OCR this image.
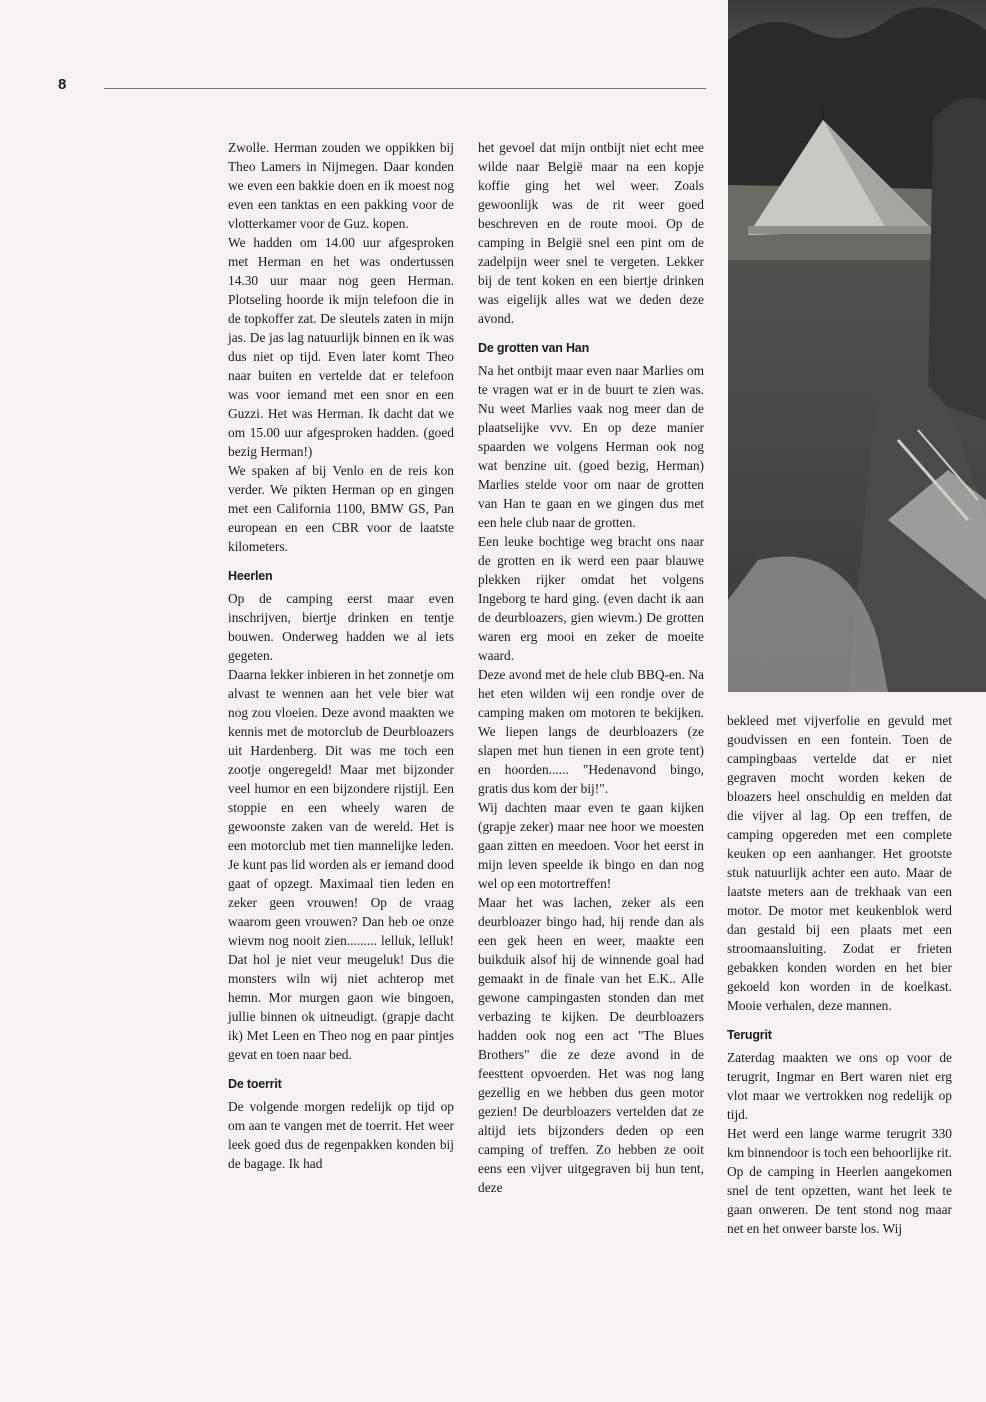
8

Zwolle. Herman zouden we oppikken bij Theo Lamers in Nijmegen. Daar konden we even een bakkie doen en ik moest nog even een tanktas en een pakking voor de vlotterkamer voor de Guz. kopen.

We hadden om 14.00 uur afgesproken met Herman en het was ondertussen 14.30 uur maar nog geen Herman. Plotseling hoorde ik mijn telefoon die in de topkoffer zat. De sleutels zaten in mijn jas. De jas lag natuurlijk binnen en ik was dus niet op tijd. Even later komt Theo naar buiten en vertelde dat er telefoon was voor iemand met een snor en een Guzzi. Het was Herman. Ik dacht dat we om 15.00 uur afgesproken hadden. (goed bezig Herman!)

We spaken af bij Venlo en de reis kon verder. We pikten Herman op en gingen met een California 1100, BMW GS, Pan european en een CBR voor de laatste kilometers.

Heerlen

Op de camping eerst maar even inschrijven, biertje drinken en tentje bouwen. Onderweg hadden we al iets gegeten.

Daarna lekker inbieren in het zonnetje om alvast te wennen aan het vele bier wat nog zou vloeien. Deze avond maakten we kennis met de motorclub de Deurbloazers uit Hardenberg. Dit was me toch een zootje ongeregeld! Maar met bijzonder veel humor en een bijzondere rijstijl. Een stoppie en een wheely waren de gewoonste zaken van de wereld. Het is een motorclub met tien mannelijke leden. Je kunt pas lid worden als er iemand dood gaat of opzegt. Maximaal tien leden en zeker geen vrouwen! Op de vraag waarom geen vrouwen? Dan heb oe onze wievm nog nooit zien......... lelluk, lelluk! Dat hol je niet veur meugeluk! Dus die monsters wiln wij niet achterop met hemn. Mor murgen gaon wie bingoen, jullie binnen ok uitneudigt. (grapje dacht ik) Met Leen en Theo nog en paar pintjes gevat en toen naar bed.

De toerrit

De volgende morgen redelijk op tijd op om aan te vangen met de toerrit. Het weer leek goed dus de regenpakken konden bij de bagage. Ik had

het gevoel dat mijn ontbijt niet echt mee wilde naar België maar na een kopje koffie ging het wel weer. Zoals gewoonlijk was de rit weer goed beschreven en de route mooi. Op de camping in België snel een pint om de zadelpijn weer snel te vergeten. Lekker bij de tent koken en een biertje drinken was eigelijk alles wat we deden deze avond.

De grotten van Han

Na het ontbijt maar even naar Marlies om te vragen wat er in de buurt te zien was. Nu weet Marlies vaak nog meer dan de plaatselijke vvv. En op deze manier spaarden we volgens Herman ook nog wat benzine uit. (goed bezig, Herman) Marlies stelde voor om naar de grotten van Han te gaan en we gingen dus met een hele club naar de grotten.

Een leuke bochtige weg bracht ons naar de grotten en ik werd een paar blauwe plekken rijker omdat het volgens Ingeborg te hard ging. (even dacht ik aan de deurbloazers, gien wievm.) De grotten waren erg mooi en zeker de moeite waard.

Deze avond met de hele club BBQ-en. Na het eten wilden wij een rondje over de camping maken om motoren te bekijken. We liepen langs de deurbloazers (ze slapen met hun tienen in een grote tent) en hoorden...... "Hedenavond bingo, gratis dus kom der bij!".

Wij dachten maar even te gaan kijken (grapje zeker) maar nee hoor we moesten gaan zitten en meedoen. Voor het eerst in mijn leven speelde ik bingo en dan nog wel op een motortreffen!

Maar het was lachen, zeker als een deurbloazer bingo had, hij rende dan als een gek heen en weer, maakte een buikduik alsof hij de winnende goal had gemaakt in de finale van het E.K.. Alle gewone campingasten stonden dan met verbazing te kijken. De deurbloazers hadden ook nog een act "The Blues Brothers" die ze deze avond in de feesttent opvoerden. Het was nog lang gezellig en we hebben dus geen motor gezien! De deurbloazers vertelden dat ze altijd iets bijzonders deden op een camping of treffen. Zo hebben ze ooit eens een vijver uitgegraven bij hun tent, deze

bekleed met vijverfolie en gevuld met goudvissen en een fontein. Toen de campingbaas vertelde dat er niet gegraven mocht worden keken de bloazers heel onschuldig en melden dat die vijver al lag. Op een treffen, de camping opgereden met een complete keuken op een aanhanger. Het grootste stuk natuurlijk achter een auto. Maar de laatste meters aan de trekhaak van een motor. De motor met keukenblok werd dan gestald bij een plaats met een stroomaansluiting. Zodat er frieten gebakken konden worden en het bier gekoeld kon worden in de koelkast. Mooie verhalen, deze mannen.

Terugrit

Zaterdag maakten we ons op voor de terugrit, Ingmar en Bert waren niet erg vlot maar we vertrokken nog redelijk op tijd.

Het werd een lange warme terugrit 330 km binnendoor is toch een behoorlijke rit. Op de camping in Heerlen aangekomen snel de tent opzetten, want het leek te gaan onweren. De tent stond nog maar net en het onweer barste los. Wij
